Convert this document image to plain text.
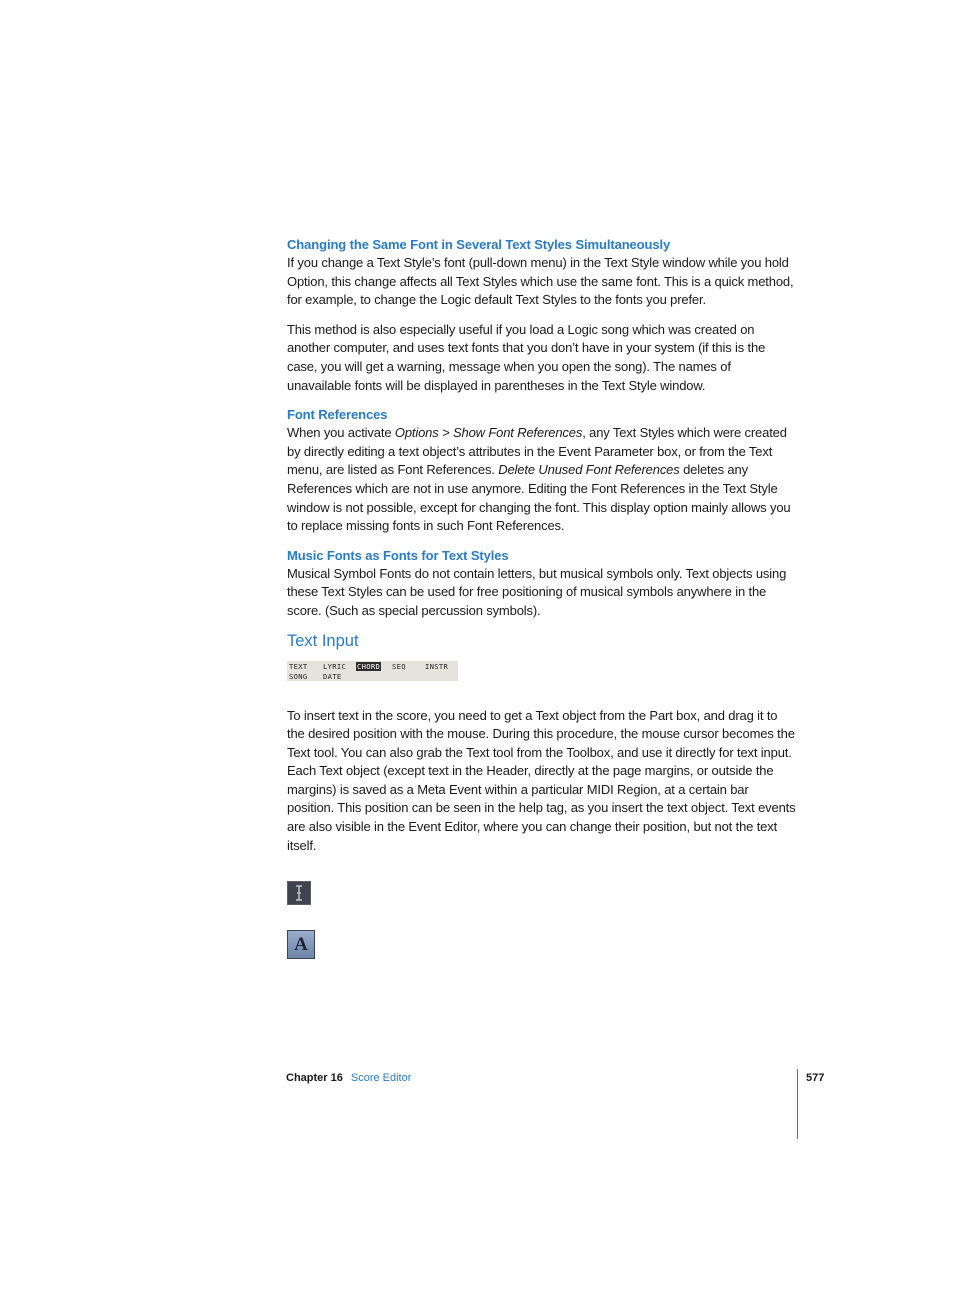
Changing the Same Font in Several Text Styles Simultaneously

If you change a Text Style’s font (pull-down menu) in the Text Style window while you hold Option, this change affects all Text Styles which use the same font. This is a quick method, for example, to change the Logic default Text Styles to the fonts you prefer.

This method is also especially useful if you load a Logic song which was created on another computer, and uses text fonts that you don’t have in your system (if this is the case, you will get a warning, message when you open the song). The names of unavailable fonts will be displayed in parentheses in the Text Style window.

Font References

When you activate Options > Show Font References, any Text Styles which were created by directly editing a text object’s attributes in the Event Parameter box, or from the Text menu, are listed as Font References. Delete Unused Font References deletes any References which are not in use anymore. Editing the Font References in the Text Style window is not possible, except for changing the font. This display option mainly allows you to replace missing fonts in such Font References.

Music Fonts as Fonts for Text Styles

Musical Symbol Fonts do not contain letters, but musical symbols only. Text objects using these Text Styles can be used for free positioning of musical symbols anywhere in the score. (Such as special percussion symbols).

Text Input
TEXT LYRIC CHORD SEQ	INSTR
SONG DATE

To insert text in the score, you need to get a Text object from the Part box, and drag it to the desired position with the mouse. During this procedure, the mouse cursor becomes the Text tool. You can also grab the Text tool from the Toolbox, and use it directly for text input. Each Text object (except text in the Header, directly at the page margins, or outside the margins) is saved as a Meta Event within a particular MIDI Region, at a certain bar position. This position can be seen in the help tag, as you insert the text object. Text events are also visible in the Event Editor, where you can change their position, but not the text itself.

A
Chapter 16 Score Editor	577
